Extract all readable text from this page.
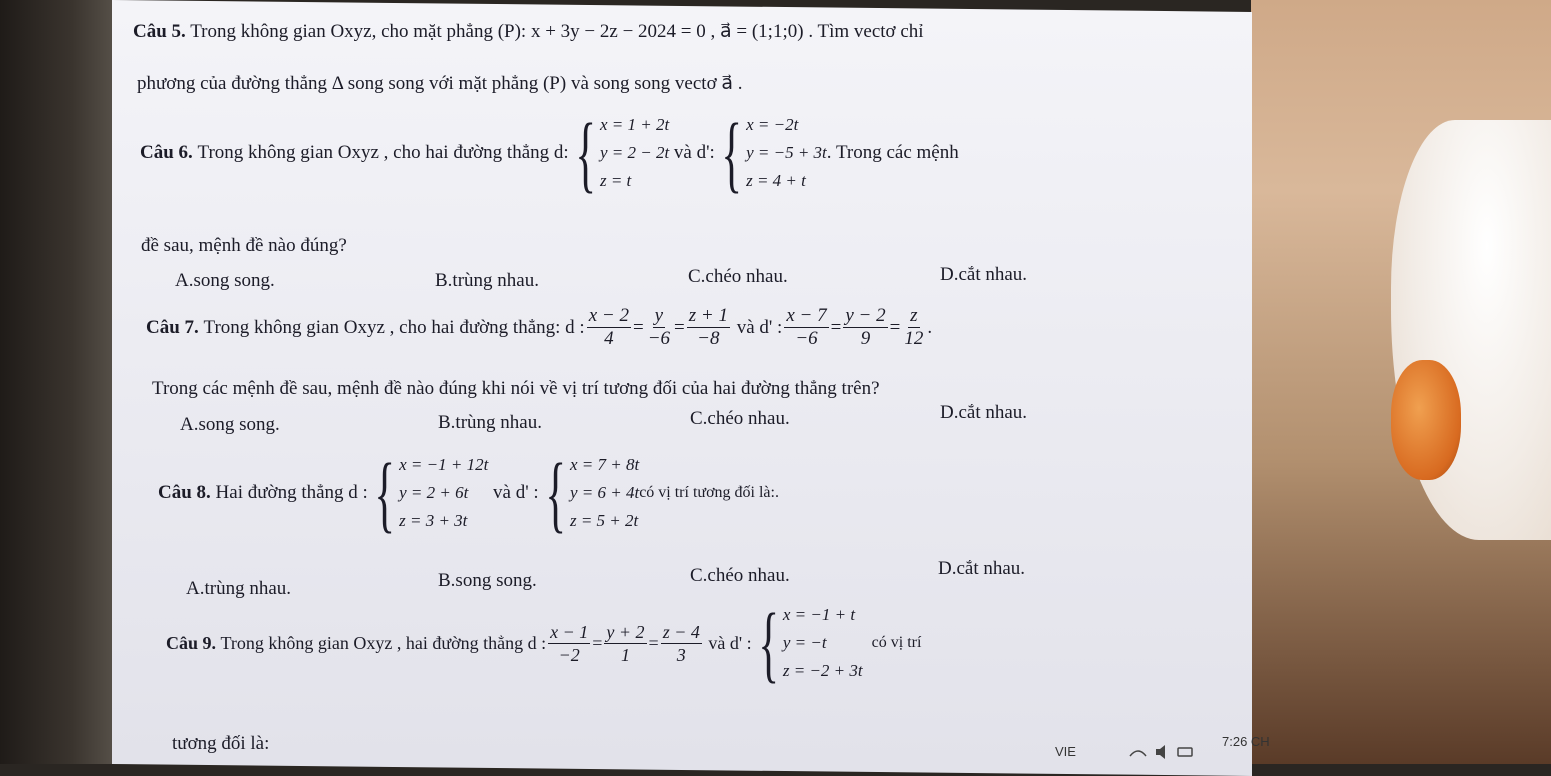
Câu 5. Trong không gian Oxyz, cho mặt phẳng (P): x + 3y − 2z − 2024 = 0 , a⃗ = (1;1;0) . Tìm vectơ chỉ
phương của đường thẳng Δ song song với mặt phẳng (P) và song song vectơ a⃗ .
Câu 6.
Trong không gian Oxyz , cho hai đường thẳng d: { x = 1 + 2t
y = 2 − 2t
z = t

và d': { x = −2t
y = −5 + 3t
z = 4 + t
. Trong các mệnh
đề sau, mệnh đề nào đúng?
A.song song.	B.trùng nhau.	C.chéo nhau.	D.cắt nhau.
Câu 7.
Trong không gian Oxyz , cho hai đường thẳng: d : $\frac{x - 2}{4} = \frac{y}{-6} = \frac{z + 1}{-8}$
và d' : $\frac{x - 7}{-6} = \frac{y - 2}{9} = \frac{z}{12}$ .
Trong các mệnh đề sau, mệnh đề nào đúng khi nói về vị trí tương đối của hai đường thẳng trên?
A.song song.	B.trùng nhau.	C.chéo nhau.	D.cắt nhau.
Câu 8.
Hai đường thẳng d : { x = −1 + 12t
y = 2 + 6t
z = 3 + 3t

và d' : { x = 7 + 8t
y = 6 + 4t
z = 5 + 2t
có vị trí tương đối là:.
A.trùng nhau.	B.song song.	C.chéo nhau.	D.cắt nhau.
Câu 9.
Trong không gian Oxyz , hai đường thẳng d : $\frac{x - 1}{-2} = \frac{y + 2}{1} = \frac{z - 4}{3}$
và d' : { x = −1 + t
y = −t
z = −2 + 3t

có vị trí
tương đối là:	VIE
7:26 CH
